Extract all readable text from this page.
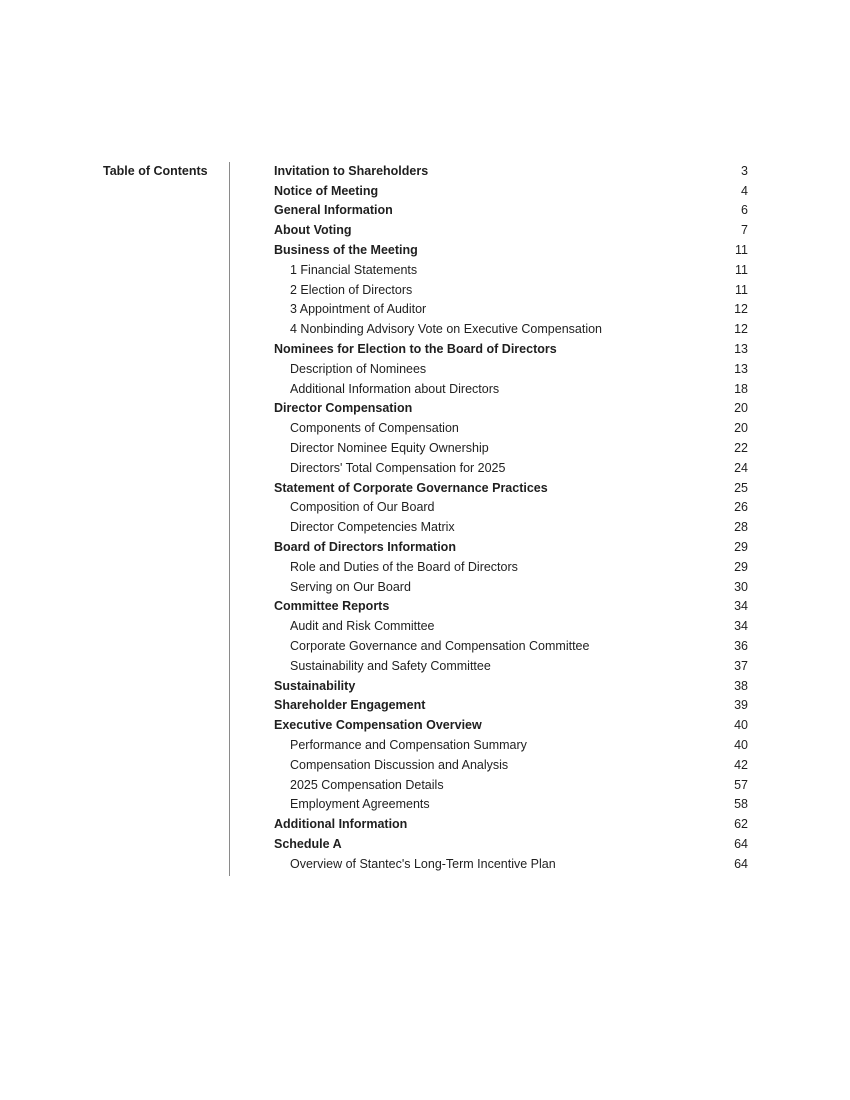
Table of Contents	Invitation to Shareholders	3
Notice of Meeting	4
General Information	6
About Voting	7
Business of the Meeting	11
1 Financial Statements	11
2 Election of Directors	11
3 Appointment of Auditor	12
4 Nonbinding Advisory Vote on Executive Compensation	12
Nominees for Election to the Board of Directors	13
Description of Nominees	13
Additional Information about Directors	18
Director Compensation	20
Components of Compensation	20
Director Nominee Equity Ownership	22
Directors' Total Compensation for 2025	24
Statement of Corporate Governance Practices	25
Composition of Our Board	26
Director Competencies Matrix	28
Board of Directors Information	29
Role and Duties of the Board of Directors	29
Serving on Our Board	30
Committee Reports	34
Audit and Risk Committee	34
Corporate Governance and Compensation Committee	36
Sustainability and Safety Committee	37
Sustainability	38
Shareholder Engagement	39
Executive Compensation Overview	40
Performance and Compensation Summary	40
Compensation Discussion and Analysis	42
2025 Compensation Details	57
Employment Agreements	58
Additional Information	62
Schedule A	64
Overview of Stantec's Long-Term Incentive Plan	64
